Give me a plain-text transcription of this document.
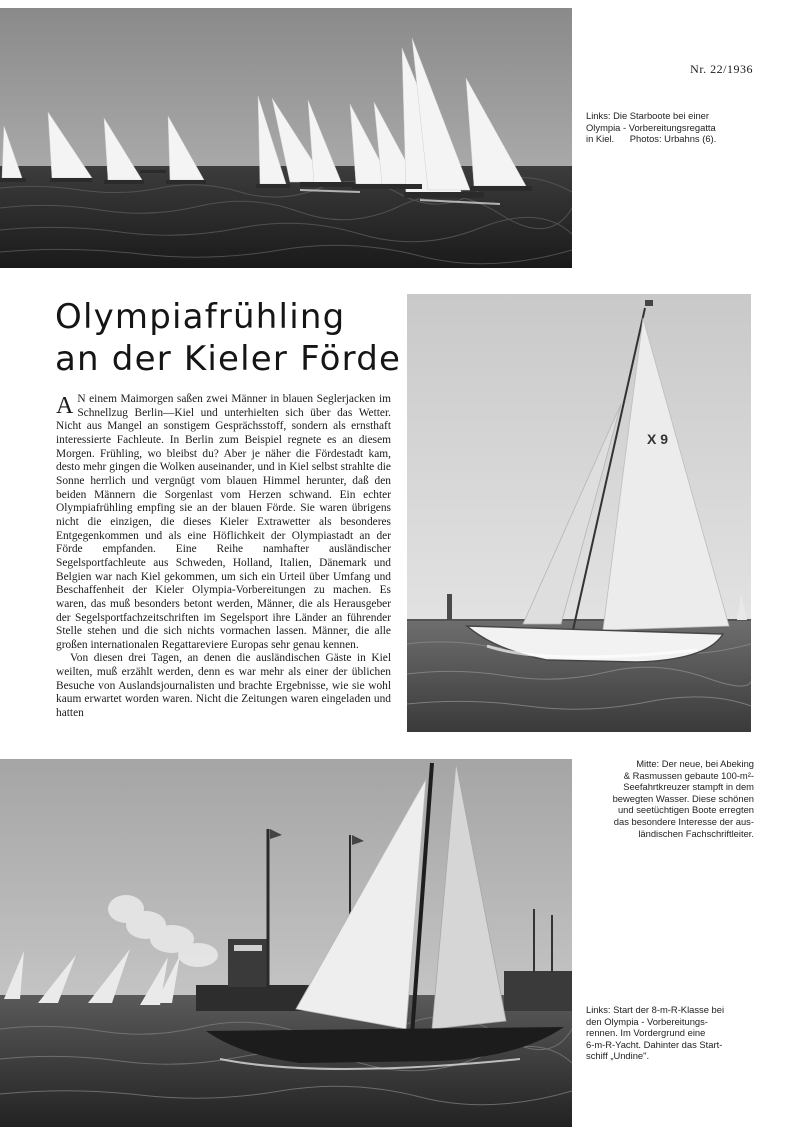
Nr. 22/1936
Links: Die Starboote bei einer
Olympia - Vorbereitungsregatta
in Kiel. Photos: Urbahns (6).
Olympiafrühling
an der Kieler Förde

A N einem Maimorgen saßen zwei Männer in blauen Seglerjacken im Schnellzug Berlin—Kiel und unterhielten sich über das Wetter. Nicht aus Mangel an sonstigem Gesprächsstoff, sondern als ernsthaft interessierte Fachleute. In Berlin zum Beispiel regnete es an diesem Morgen. Frühling, wo bleibst du? Aber je näher die Fördestadt kam, desto mehr gingen die Wolken auseinander, und in Kiel selbst strahlte die Sonne herrlich und vergnügt vom blauen Himmel herunter, daß den beiden Männern die Sorgenlast vom Herzen schwand. Ein echter Olympiafrühling empfing sie an der blauen Förde. Sie waren übrigens nicht die einzigen, die dieses Kieler Extrawetter als besonderes Entgegenkommen und als eine Höflichkeit der Olympiastadt an der Förde empfanden. Eine Reihe namhafter ausländischer Segelsportfachleute aus Schweden, Holland, Italien, Dänemark und Belgien war nach Kiel gekommen, um sich ein Urteil über Umfang und Beschaffenheit der Kieler Olympia-Vorbereitungen zu machen. Es waren, das muß besonders betont werden, Männer, die als Herausgeber der Segelsportfachzeitschriften im Segelsport ihre Länder an führender Stelle stehen und die sich nichts vormachen lassen. Männer, die alle großen internationalen Regattareviere Europas sehr genau kennen.

Von diesen drei Tagen, an denen die ausländischen Gäste in Kiel weilten, muß erzählt werden, denn es war mehr als einer der üblichen Besuche von Auslandsjournalisten und brachte Ergebnisse, wie sie wohl kaum erwartet worden waren. Nicht die Zeitungen waren eingeladen und hatten

X 9
Mitte: Der neue, bei Abeking
& Rasmussen gebaute 100-m²-
Seefahrtkreuzer stampft in dem
bewegten Wasser. Diese schönen
und seetüchtigen Boote erregten
das besondere Interesse der aus-
ländischen Fachschriftleiter.
Links: Start der 8-m-R-Klasse bei
den Olympia - Vorbereitungs-
rennen. Im Vordergrund eine
6-m-R-Yacht. Dahinter das Start-
schiff „Undine".
